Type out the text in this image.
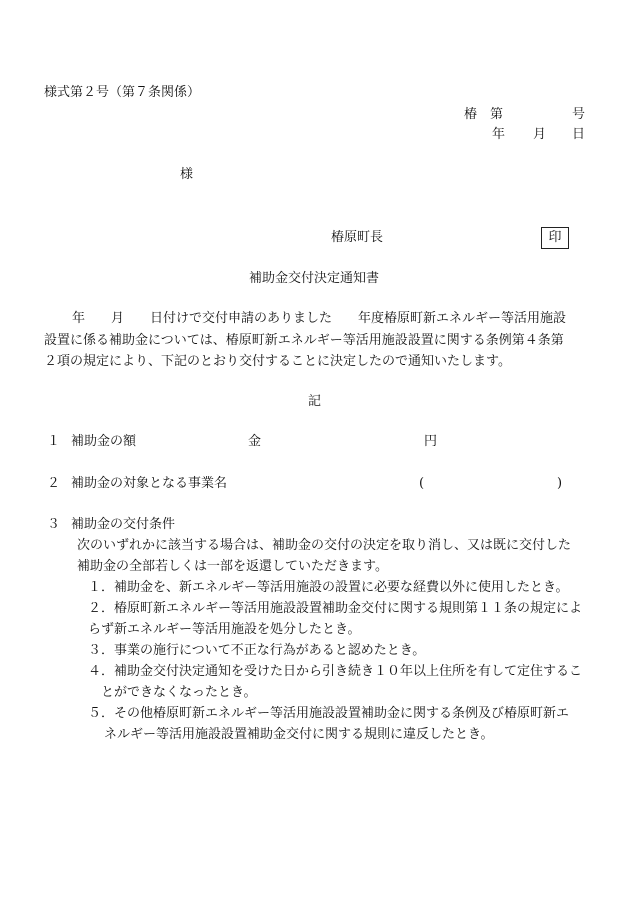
様式第２号（第７条関係）
椿　第	号
年 月 日
様
椿原町長	印
補助金交付決定通知書
年　　月　　日付けで交付申請のありました　　年度椿原町新エネルギー等活用施設
設置に係る補助金については、椿原町新エネルギー等活用施設設置に関する条例第４条第
２項の規定により、下記のとおり交付することに決定したので通知いたします。
記
１ 補助金の額	金	円
２ 補助金の対象となる事業名	(	)
３ 補助金の交付条件
次のいずれかに該当する場合は、補助金の交付の決定を取り消し、又は既に交付した
補助金の全部若しくは一部を返還していただきます。
１．補助金を、新エネルギー等活用施設の設置に必要な経費以外に使用したとき。
２．椿原町新エネルギー等活用施設設置補助金交付に関する規則第１１条の規定によ
らず新エネルギー等活用施設を処分したとき。
３．事業の施行について不正な行為があると認めたとき。
４．補助金交付決定通知を受けた日から引き続き１０年以上住所を有して定住するこ
とができなくなったとき。
５．その他椿原町新エネルギー等活用施設設置補助金に関する条例及び椿原町新エ
ネルギー等活用施設設置補助金交付に関する規則に違反したとき。
